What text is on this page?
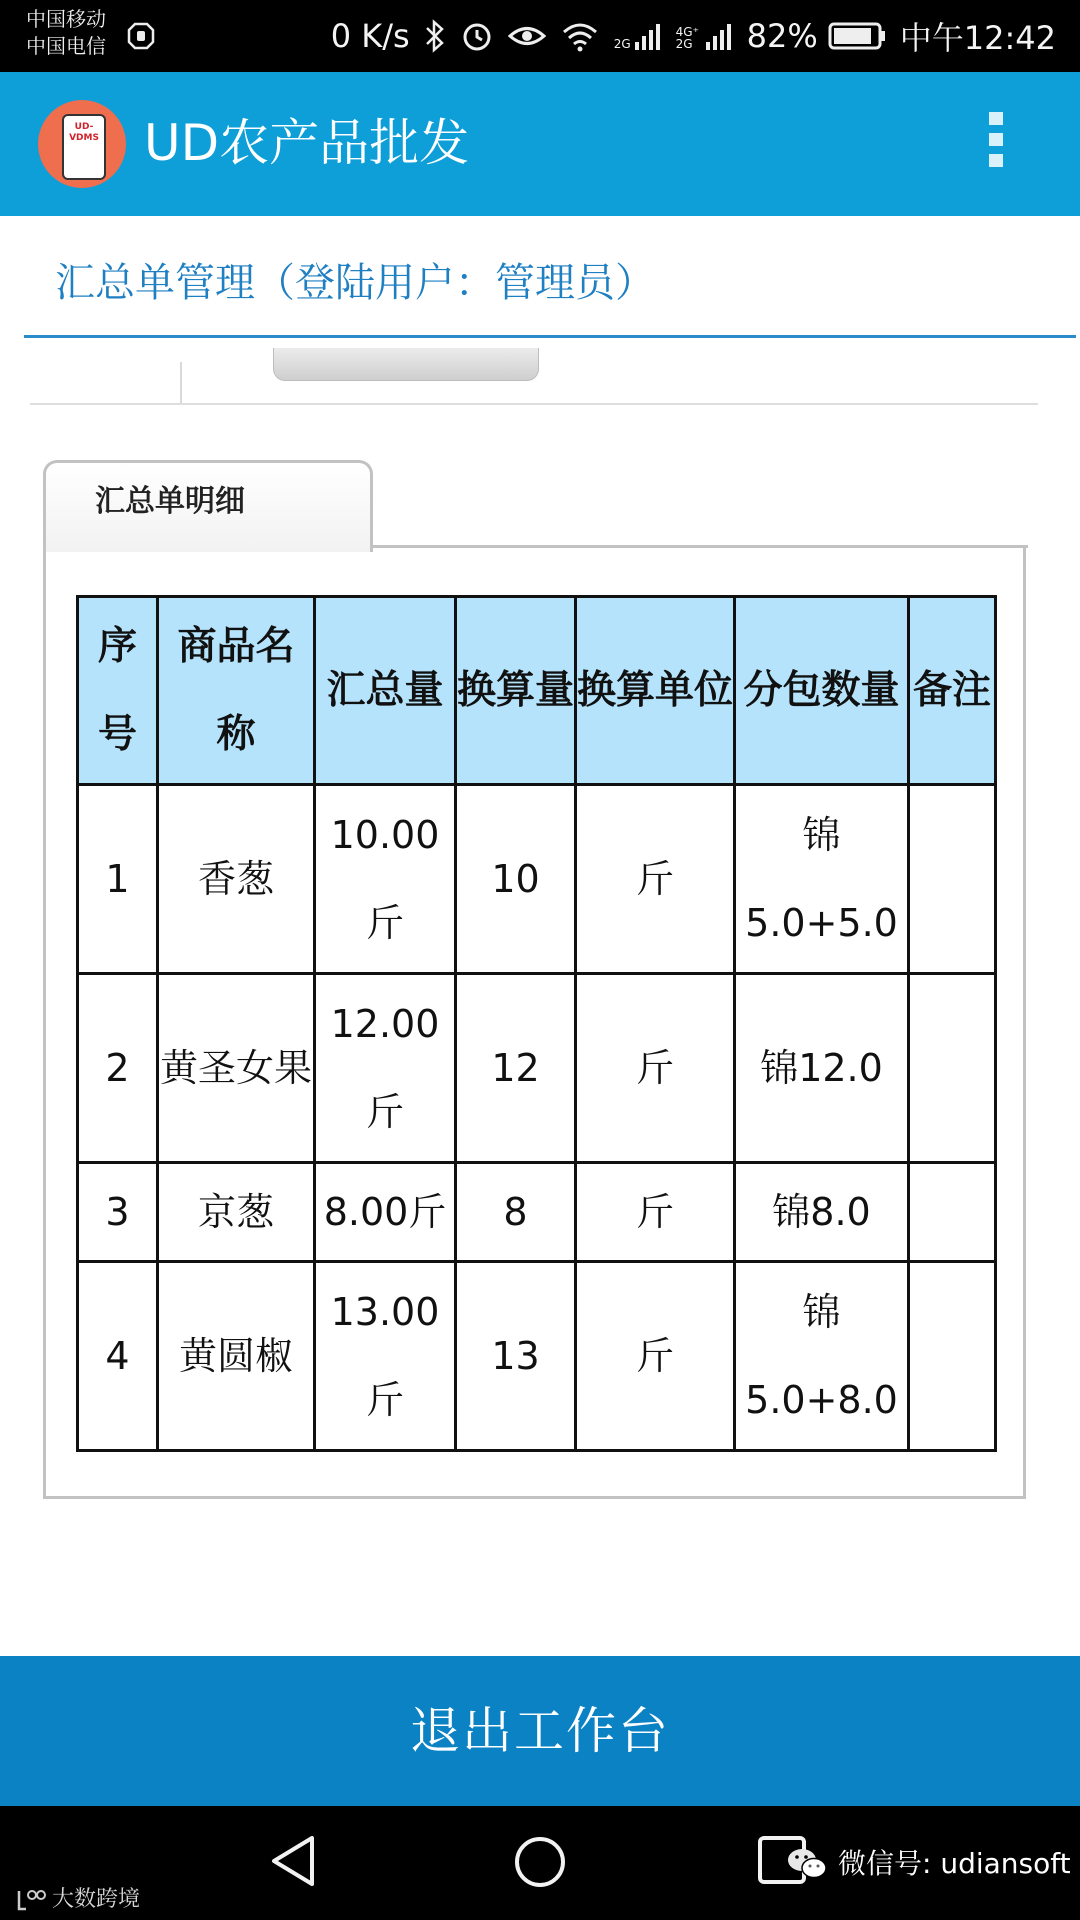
中国移动
中国电信	0 K/s	2G
4G⁺ 2G 82%	中午12:42
UD-VDMS UD农产品批发
汇总单管理（登陆用户：管理员）
汇总单明细
序号	商品名称	汇总量	换算量	换算单位	分包数量	备注
1	香葱	10.00斤	10	斤	锦5.0+5.0	
2	黄圣女果	12.00斤	12	斤	锦12.0	
3	京葱	8.00斤	8	斤	锦8.0	
4	黄圆椒	13.00斤	13	斤	锦5.0+8.0	
退出工作台
微信号: udiansoft
大数跨境
